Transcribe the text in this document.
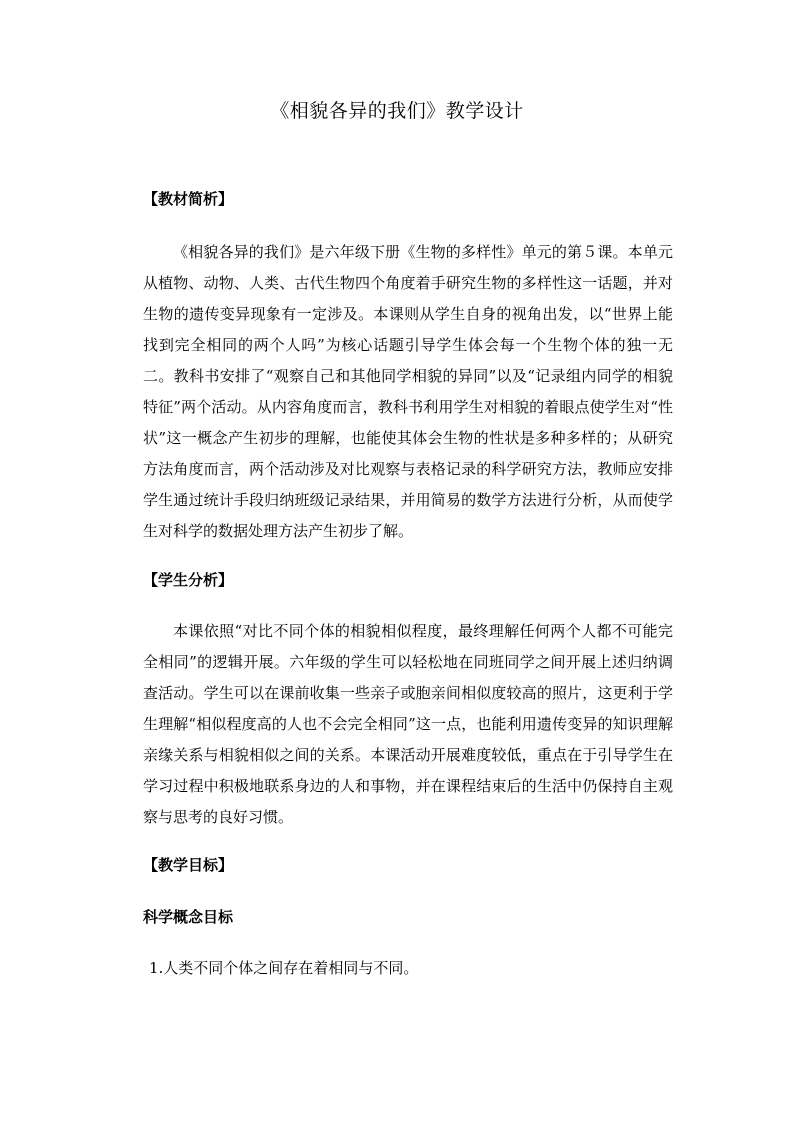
《相貌各异的我们》教学设计
【教材简析】
《相貌各异的我们》是六年级下册《生物的多样性》单元的第５课。本单元从植物、动物、人类、古代生物四个角度着手研究生物的多样性这一话题，并对生物的遗传变异现象有一定涉及。本课则从学生自身的视角出发，以“世界上能找到完全相同的两个人吗”为核心话题引导学生体会每一个生物个体的独一无二。教科书安排了“观察自己和其他同学相貌的异同”以及“记录组内同学的相貌特征”两个活动。从内容角度而言，教科书利用学生对相貌的着眼点使学生对“性状”这一概念产生初步的理解，也能使其体会生物的性状是多种多样的；从研究方法角度而言，两个活动涉及对比观察与表格记录的科学研究方法，教师应安排学生通过统计手段归纳班级记录结果，并用简易的数学方法进行分析，从而使学生对科学的数据处理方法产生初步了解。
【学生分析】
本课依照“对比不同个体的相貌相似程度，最终理解任何两个人都不可能完全相同”的逻辑开展。六年级的学生可以轻松地在同班同学之间开展上述归纳调查活动。学生可以在课前收集一些亲子或胞亲间相似度较高的照片，这更利于学生理解“相似程度高的人也不会完全相同”这一点，也能利用遗传变异的知识理解亲缘关系与相貌相似之间的关系。本课活动开展难度较低，重点在于引导学生在学习过程中积极地联系身边的人和事物，并在课程结束后的生活中仍保持自主观察与思考的良好习惯。
【教学目标】
科学概念目标
1.人类不同个体之间存在着相同与不同。
